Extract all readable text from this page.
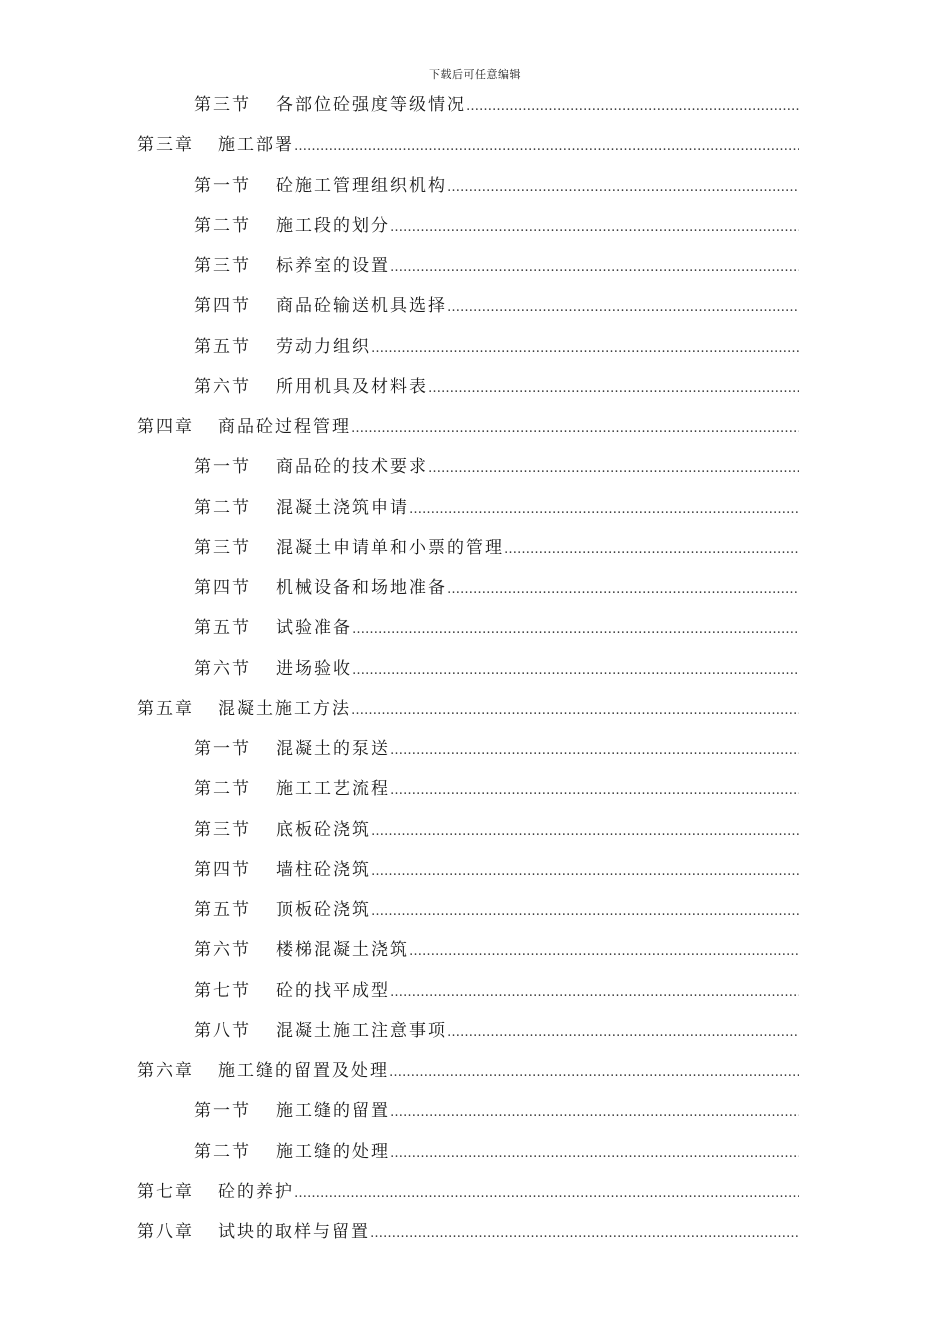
下载后可任意编辑
第三节	各部位砼强度等级情况
…………………………………………………………………………………………………………………………………………………………………………………………
第三章	施工部署
…………………………………………………………………………………………………………………………………………………………………………………………
第一节	砼施工管理组织机构
…………………………………………………………………………………………………………………………………………………………………………………………
第二节	施工段的划分
…………………………………………………………………………………………………………………………………………………………………………………………
第三节	标养室的设置
…………………………………………………………………………………………………………………………………………………………………………………………
第四节	商品砼输送机具选择
…………………………………………………………………………………………………………………………………………………………………………………………
第五节	劳动力组织
…………………………………………………………………………………………………………………………………………………………………………………………
第六节	所用机具及材料表
…………………………………………………………………………………………………………………………………………………………………………………………
第四章	商品砼过程管理
…………………………………………………………………………………………………………………………………………………………………………………………
第一节	商品砼的技术要求
…………………………………………………………………………………………………………………………………………………………………………………………
第二节	混凝土浇筑申请
…………………………………………………………………………………………………………………………………………………………………………………………
第三节	混凝土申请单和小票的管理
…………………………………………………………………………………………………………………………………………………………………………………………
第四节	机械设备和场地准备
…………………………………………………………………………………………………………………………………………………………………………………………
第五节	试验准备
…………………………………………………………………………………………………………………………………………………………………………………………
第六节	进场验收
…………………………………………………………………………………………………………………………………………………………………………………………
第五章	混凝土施工方法
…………………………………………………………………………………………………………………………………………………………………………………………
第一节	混凝土的泵送
…………………………………………………………………………………………………………………………………………………………………………………………
第二节	施工工艺流程
…………………………………………………………………………………………………………………………………………………………………………………………
第三节	底板砼浇筑
…………………………………………………………………………………………………………………………………………………………………………………………
第四节	墙柱砼浇筑
…………………………………………………………………………………………………………………………………………………………………………………………
第五节	顶板砼浇筑
…………………………………………………………………………………………………………………………………………………………………………………………
第六节	楼梯混凝土浇筑
…………………………………………………………………………………………………………………………………………………………………………………………
第七节	砼的找平成型
…………………………………………………………………………………………………………………………………………………………………………………………
第八节	混凝土施工注意事项
…………………………………………………………………………………………………………………………………………………………………………………………
第六章	施工缝的留置及处理
…………………………………………………………………………………………………………………………………………………………………………………………
第一节	施工缝的留置
…………………………………………………………………………………………………………………………………………………………………………………………
第二节	施工缝的处理
…………………………………………………………………………………………………………………………………………………………………………………………
第七章	砼的养护
…………………………………………………………………………………………………………………………………………………………………………………………
第八章	试块的取样与留置
…………………………………………………………………………………………………………………………………………………………………………………………
